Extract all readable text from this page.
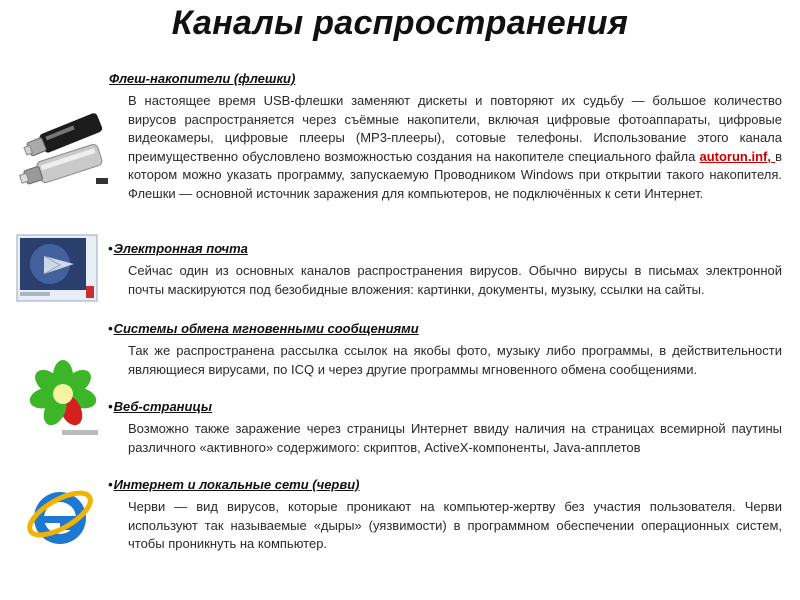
Каналы распространения
Флеш-накопители (флешки)
В настоящее время USB-флешки заменяют дискеты и повторяют их судьбу — большое количество вирусов распространяется через съёмные накопители, включая цифровые фотоаппараты, цифровые видеокамеры, цифровые плееры (MP3-плееры), сотовые телефоны. Использование этого канала преимущественно обусловлено возможностью создания на накопителе специального файла autorun.inf, в котором можно указать программу, запускаемую Проводником Windows при открытии такого накопителя. Флешки — основной источник заражения для компьютеров, не подключённых к сети Интернет.
•Электронная почта
Сейчас один из основных каналов распространения вирусов. Обычно вирусы в письмах электронной почты маскируются под безобидные вложения: картинки, документы, музыку, ссылки на сайты.
•Системы обмена мгновенными сообщениями
Так же распространена рассылка ссылок на якобы фото, музыку либо программы, в действительности являющиеся вирусами, по ICQ и через другие программы мгновенного обмена сообщениями.
•Веб-страницы
Возможно также заражение через страницы Интернет ввиду наличия на страницах всемирной паутины различного «активного» содержимого: скриптов, ActiveX-компоненты, Java-апплетов
•Интернет и локальные сети (черви)
Черви — вид вирусов, которые проникают на компьютер-жертву без участия пользователя. Черви используют так называемые «дыры» (уязвимости) в программном обеспечении операционных систем, чтобы проникнуть на компьютер.
